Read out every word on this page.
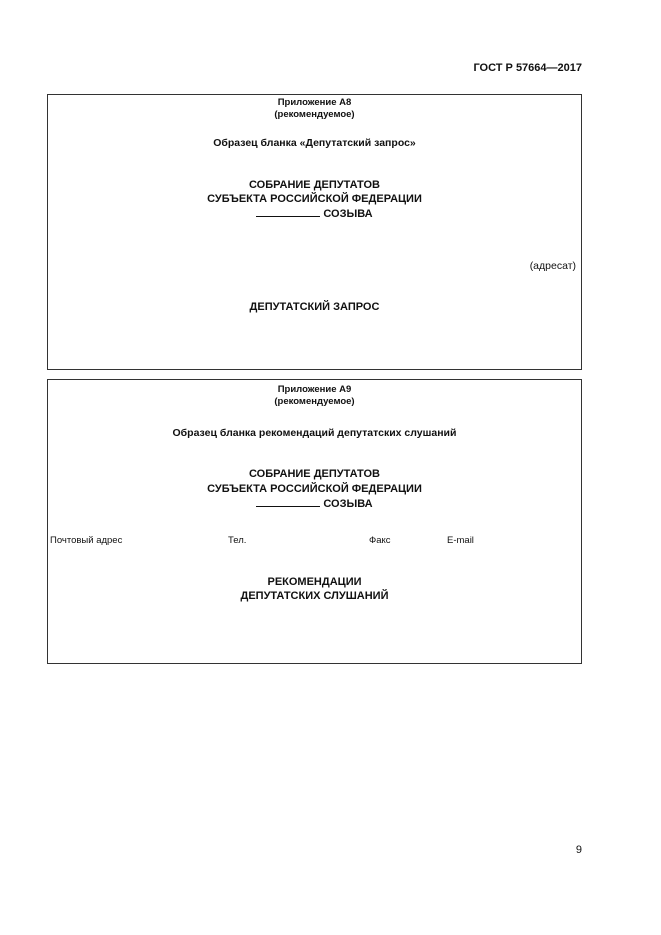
ГОСТ Р 57664—2017
Приложение А8
(рекомендуемое)
Образец бланка «Депутатский запрос»
СОБРАНИЕ ДЕПУТАТОВ
СУБЪЕКТА РОССИЙСКОЙ ФЕДЕРАЦИИ
СОЗЫВА
(адресат)
ДЕПУТАТСКИЙ ЗАПРОС
Приложение А9
(рекомендуемое)
Образец бланка рекомендаций депутатских слушаний
СОБРАНИЕ ДЕПУТАТОВ
СУБЪЕКТА РОССИЙСКОЙ ФЕДЕРАЦИИ
СОЗЫВА
Почтовый адрес	Тел.	Факс	E-mail
РЕКОМЕНДАЦИИ
ДЕПУТАТСКИХ СЛУШАНИЙ
9
